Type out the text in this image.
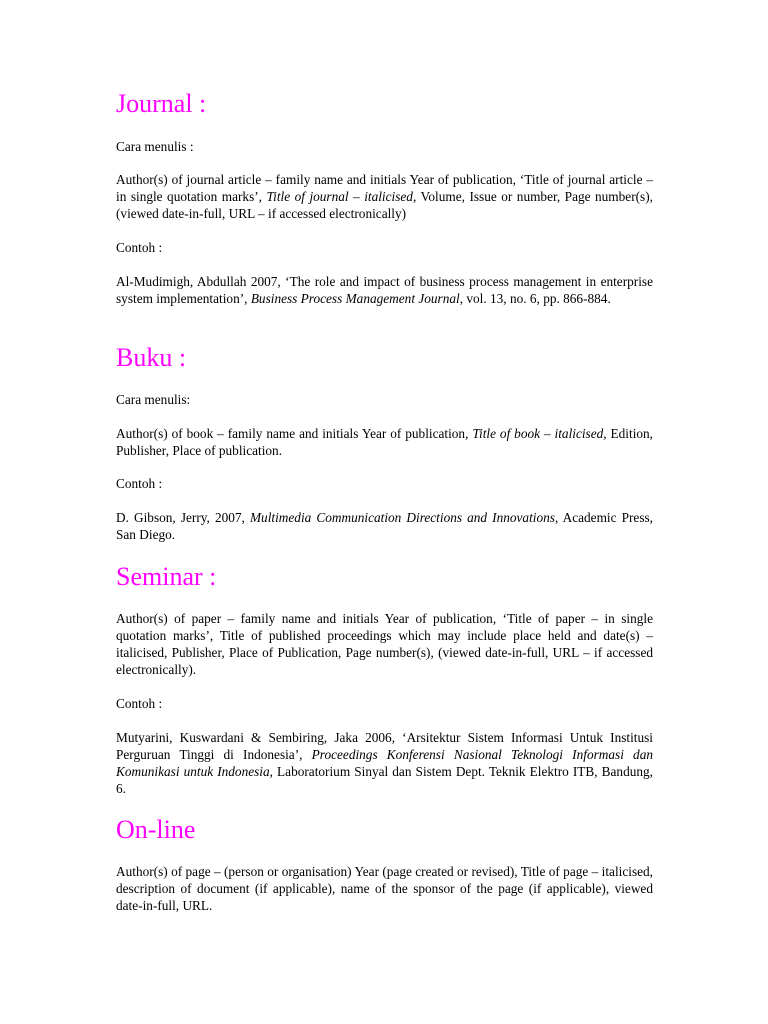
Journal :

Cara menulis :

Author(s) of journal article – family name and initials Year of publication, ‘Title of journal article – in single quotation marks’, Title of journal – italicised, Volume, Issue or number, Page number(s), (viewed date-in-full, URL – if accessed electronically)

Contoh :

Al-Mudimigh, Abdullah 2007, ‘The role and impact of business process management in enterprise system implementation’, Business Process Management Journal, vol. 13, no. 6, pp. 866-884.

Buku :

Cara menulis:

Author(s) of book – family name and initials Year of publication, Title of book – italicised, Edition, Publisher, Place of publication.

Contoh :

D. Gibson, Jerry, 2007, Multimedia Communication Directions and Innovations, Academic Press, San Diego.

Seminar :

Author(s) of paper – family name and initials Year of publication, ‘Title of paper – in single quotation marks’, Title of published proceedings which may include place held and date(s) – italicised, Publisher, Place of Publication, Page number(s), (viewed date-in-full, URL – if accessed electronically).

Contoh :

Mutyarini, Kuswardani & Sembiring, Jaka 2006, ‘Arsitektur Sistem Informasi Untuk Institusi Perguruan Tinggi di Indonesia’, Proceedings Konferensi Nasional Teknologi Informasi dan Komunikasi untuk Indonesia, Laboratorium Sinyal dan Sistem Dept. Teknik Elektro ITB, Bandung, 6.

On-line

Author(s) of page – (person or organisation) Year (page created or revised), Title of page – italicised, description of document (if applicable), name of the sponsor of the page (if applicable), viewed date-in-full, URL.
